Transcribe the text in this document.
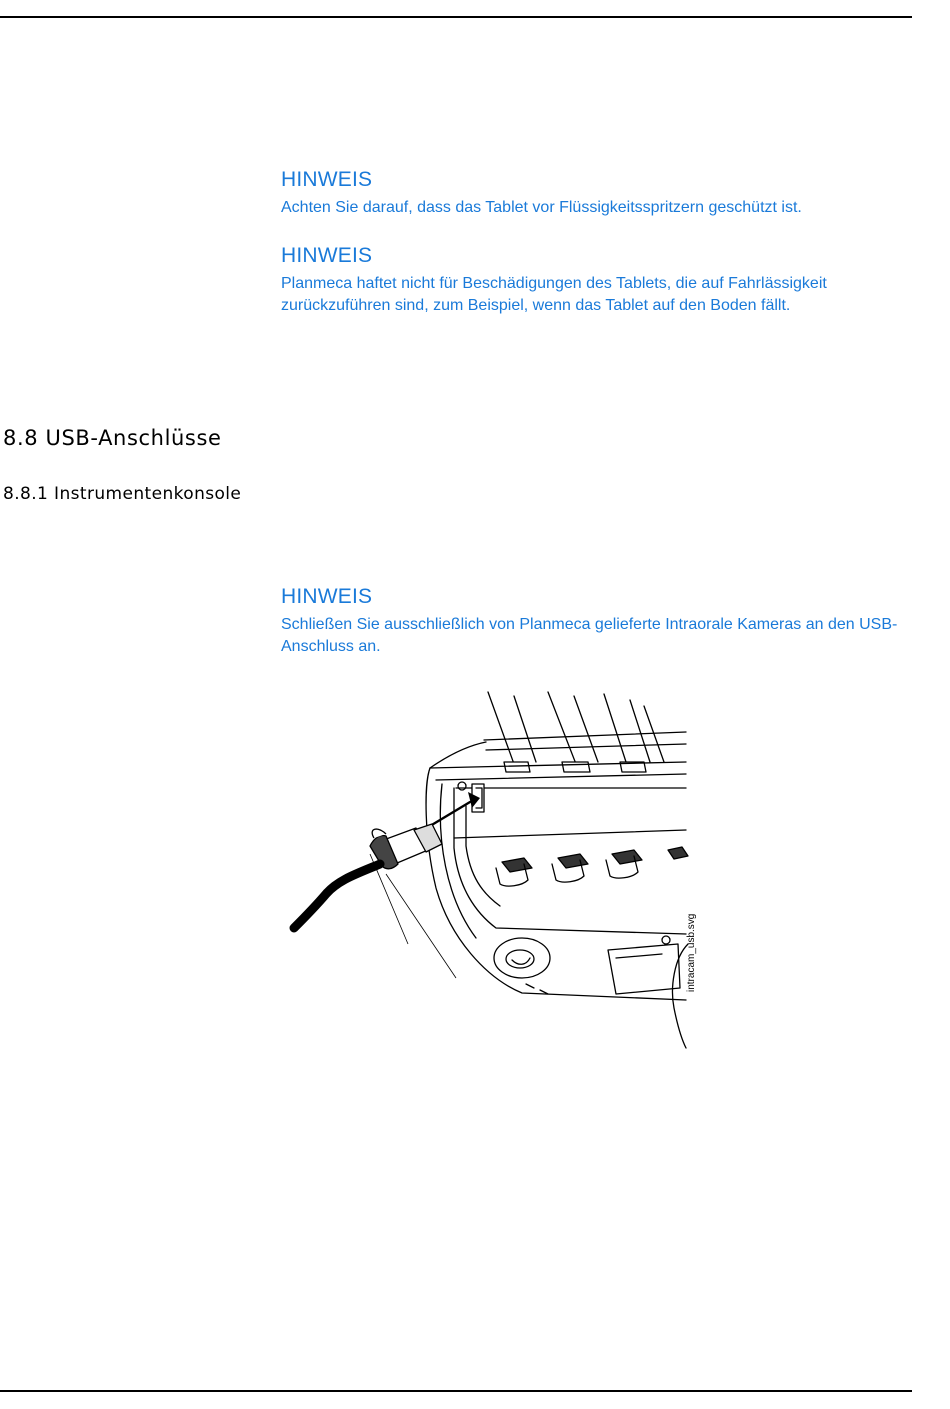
HINWEIS

Achten Sie darauf, dass das Tablet vor Flüssigkeitsspritzern geschützt ist.

HINWEIS

Planmeca haftet nicht für Beschädigungen des Tablets, die auf Fahrlässigkeit zurückzuführen sind, zum Beispiel, wenn das Tablet auf den Boden fällt.

8.8 USB-Anschlüsse
8.8.1 Instrumentenkonsole

HINWEIS

Schließen Sie ausschließlich von Planmeca gelieferte Intraorale Kameras an den USB-Anschluss an.

intracam_usb.svg
